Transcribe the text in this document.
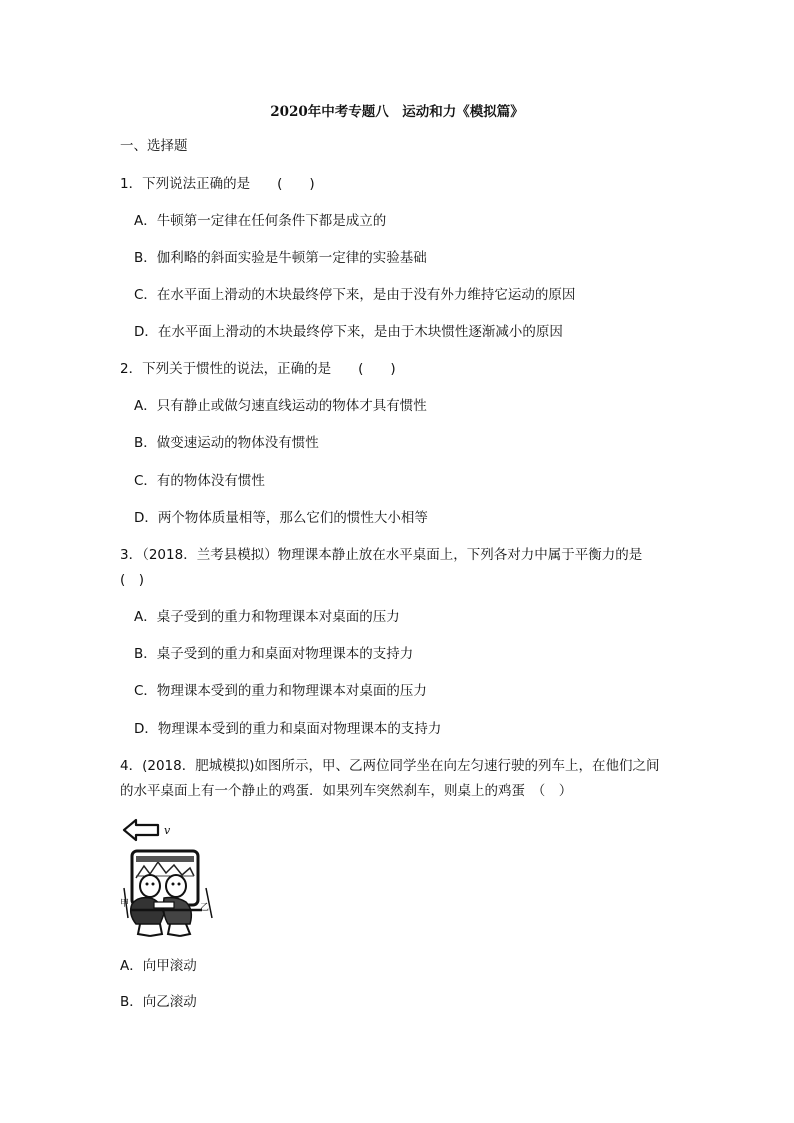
2020年中考专题八　运动和力《模拟篇》
一、选择题
1．下列说法正确的是　　(　　)
A．牛顿第一定律在任何条件下都是成立的
B．伽利略的斜面实验是牛顿第一定律的实验基础
C．在水平面上滑动的木块最终停下来，是由于没有外力维持它运动的原因
D．在水平面上滑动的木块最终停下来，是由于木块惯性逐渐减小的原因
2．下列关于惯性的说法，正确的是　　(　　)
A．只有静止或做匀速直线运动的物体才具有惯性
B．做变速运动的物体没有惯性
C．有的物体没有惯性
D．两个物体质量相等，那么它们的惯性大小相等
3．（2018．兰考县模拟）物理课本静止放在水平桌面上，下列各对力中属于平衡力的是
(　)
A．桌子受到的重力和物理课本对桌面的压力
B．桌子受到的重力和桌面对物理课本的支持力
C．物理课本受到的重力和物理课本对桌面的压力
D．物理课本受到的重力和桌面对物理课本的支持力
4．(2018．肥城模拟)如图所示，甲、乙两位同学坐在向左匀速行驶的列车上，在他们之间
的水平桌面上有一个静止的鸡蛋．如果列车突然刹车，则桌上的鸡蛋　（　）
v
甲	乙
A．向甲滚动
B．向乙滚动
